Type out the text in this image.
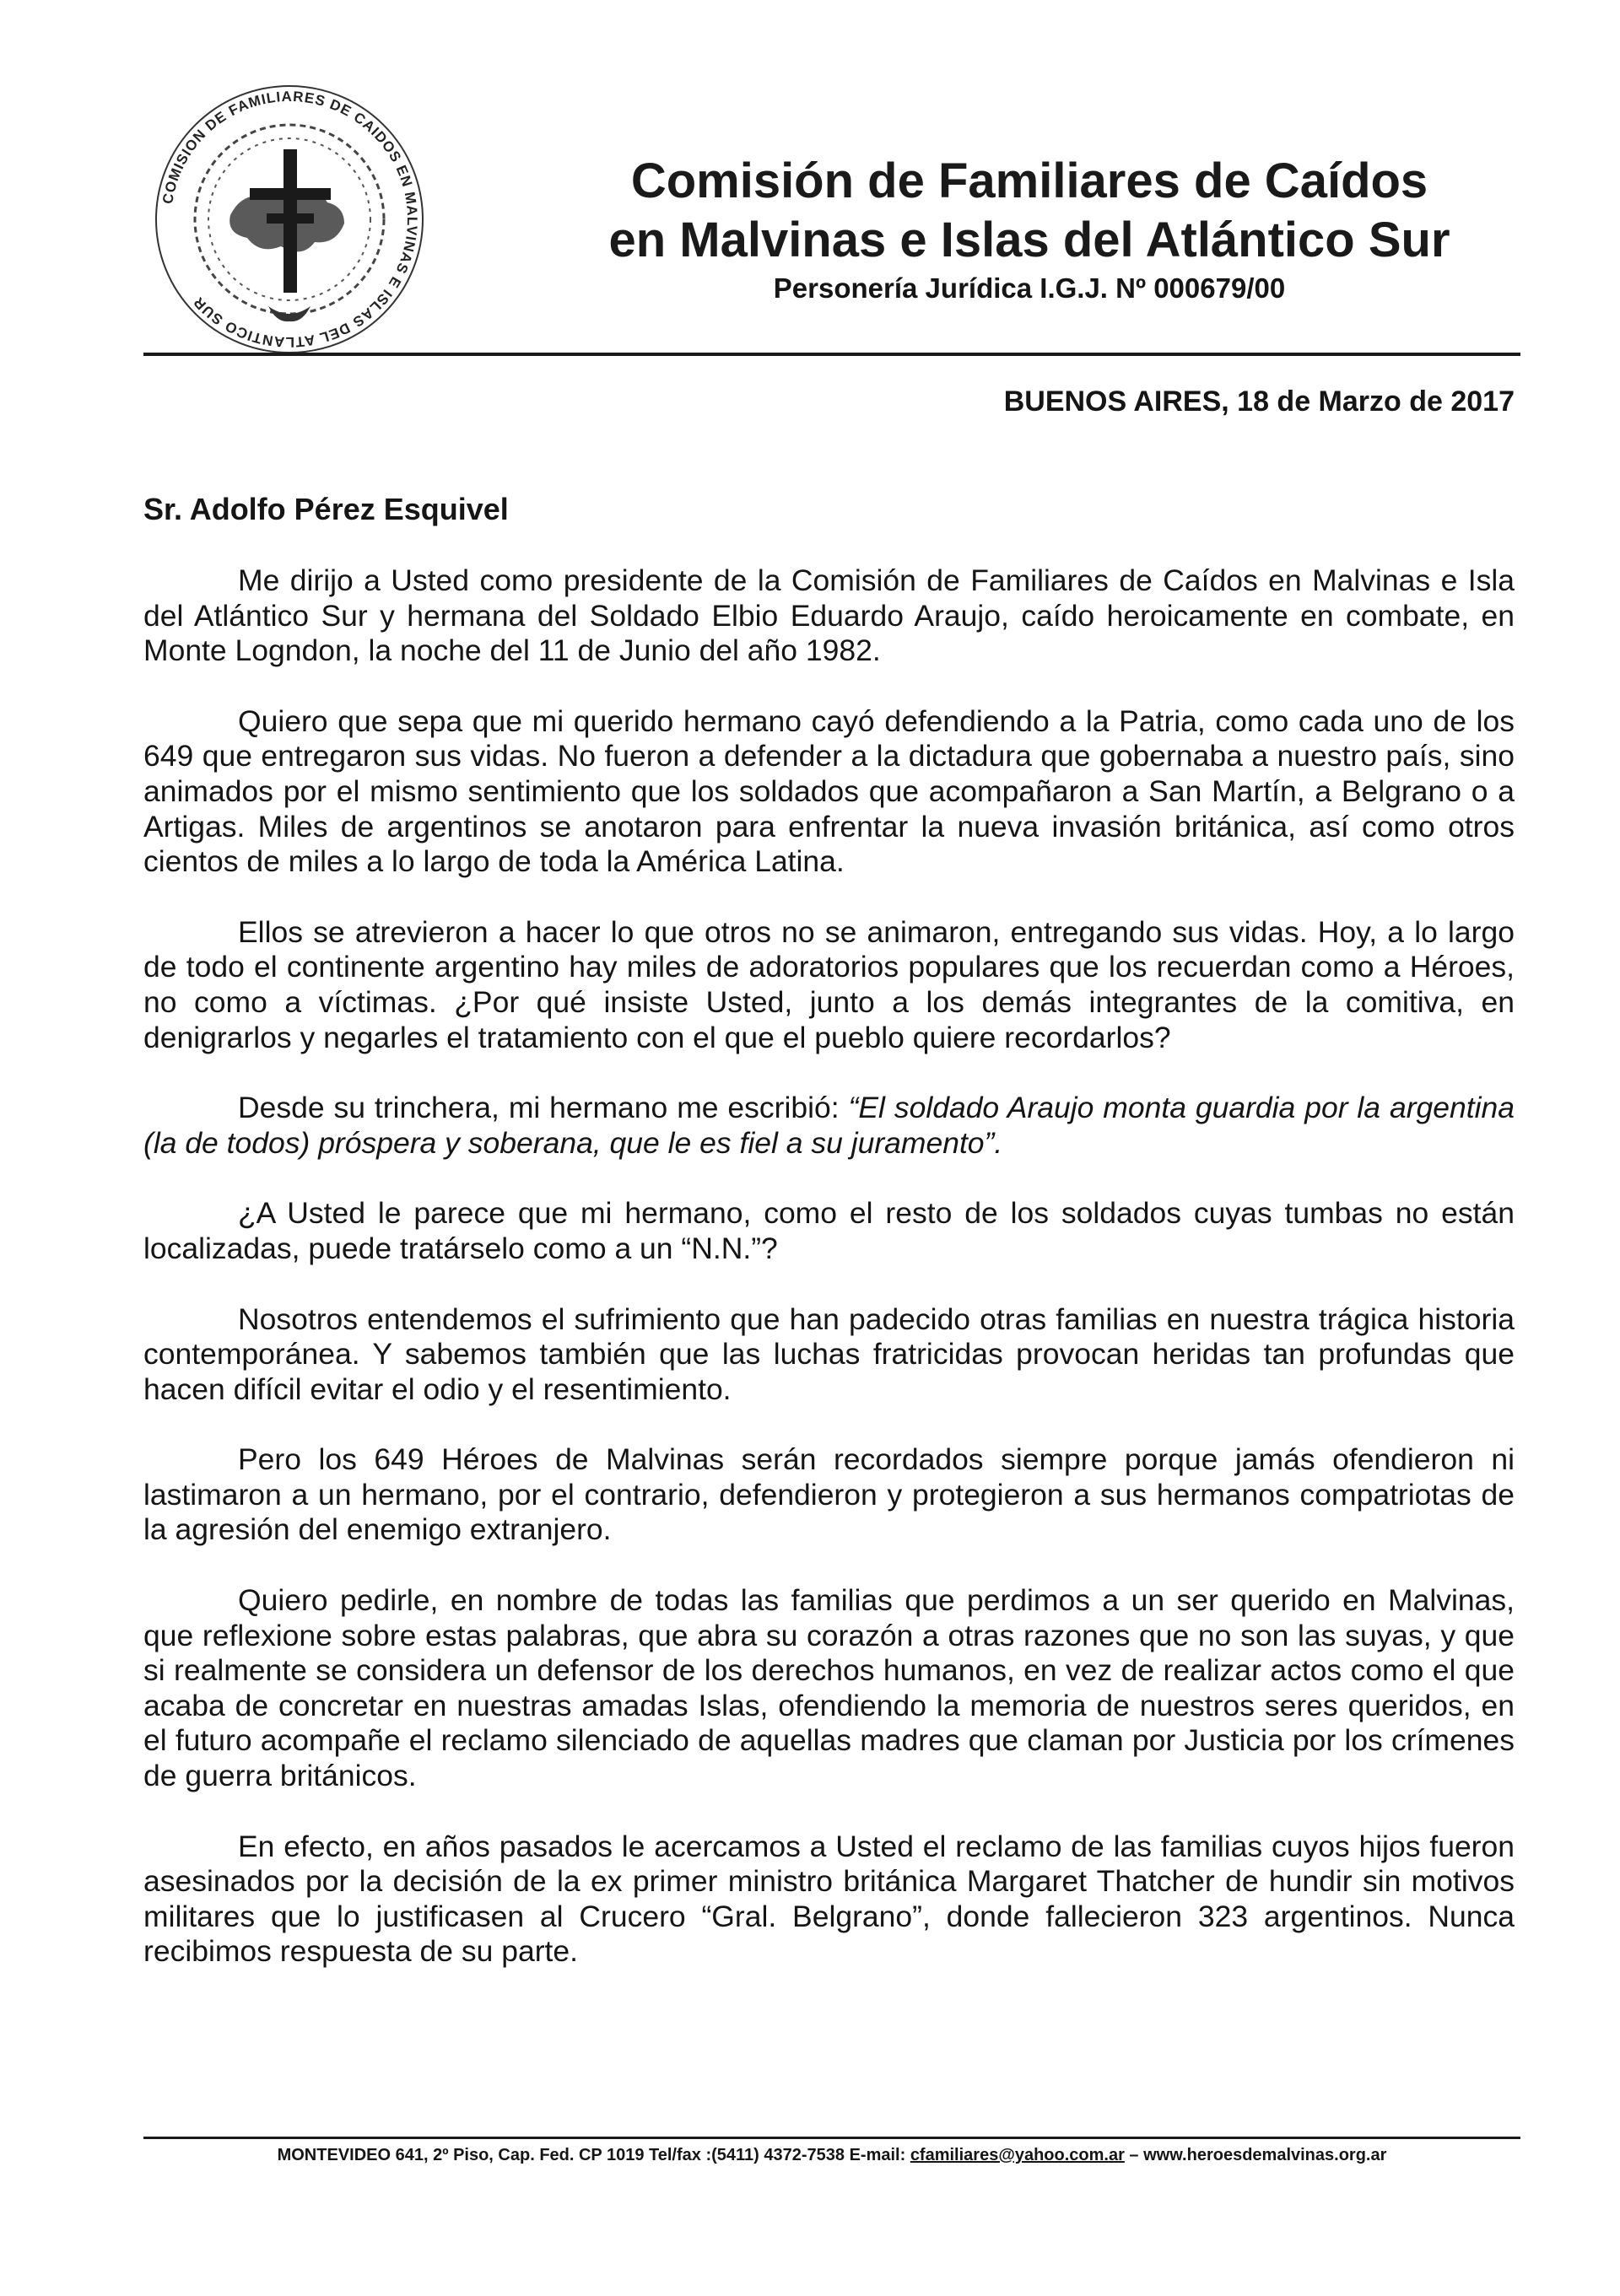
COMISION DE FAMILIARES DE CAIDOS EN MALVINAS E ISLAS DEL ATLANTICO SUR
Comisión de Familiares de Caídos
en Malvinas e Islas del Atlántico Sur
Personería Jurídica I.G.J. Nº 000679/00
BUENOS AIRES, 18 de Marzo de 2017
Sr. Adolfo Pérez Esquivel

Me dirijo a Usted como presidente de la Comisión de Familiares de Caídos en Malvinas e Isla del Atlántico Sur y hermana del Soldado Elbio Eduardo Araujo, caído heroicamente en combate, en Monte Logndon, la noche del 11 de Junio del año 1982.

Quiero que sepa que mi querido hermano cayó defendiendo a la Patria, como cada uno de los 649 que entregaron sus vidas. No fueron a defender a la dictadura que gobernaba a nuestro país, sino animados por el mismo sentimiento que los soldados que acompañaron a San Martín, a Belgrano o a Artigas. Miles de argentinos se anotaron para enfrentar la nueva invasión británica, así como otros cientos de miles a lo largo de toda la América Latina.

Ellos se atrevieron a hacer lo que otros no se animaron, entregando sus vidas. Hoy, a lo largo de todo el continente argentino hay miles de adoratorios populares que los recuerdan como a Héroes, no como a víctimas. ¿Por qué insiste Usted, junto a los demás integrantes de la comitiva, en denigrarlos y negarles el tratamiento con el que el pueblo quiere recordarlos?

Desde su trinchera, mi hermano me escribió: “El soldado Araujo monta guardia por la argentina (la de todos) próspera y soberana, que le es fiel a su juramento”.

¿A Usted le parece que mi hermano, como el resto de los soldados cuyas tumbas no están localizadas, puede tratárselo como a un “N.N.”?

Nosotros entendemos el sufrimiento que han padecido otras familias en nuestra trágica historia contemporánea. Y sabemos también que las luchas fratricidas provocan heridas tan profundas que hacen difícil evitar el odio y el resentimiento.

Pero los 649 Héroes de Malvinas serán recordados siempre porque jamás ofendieron ni lastimaron a un hermano, por el contrario, defendieron y protegieron a sus hermanos compatriotas de la agresión del enemigo extranjero.

Quiero pedirle, en nombre de todas las familias que perdimos a un ser querido en Malvinas, que reflexione sobre estas palabras, que abra su corazón a otras razones que no son las suyas, y que si realmente se considera un defensor de los derechos humanos, en vez de realizar actos como el que acaba de concretar en nuestras amadas Islas, ofendiendo la memoria de nuestros seres queridos, en el futuro acompañe el reclamo silenciado de aquellas madres que claman por Justicia por los crímenes de guerra británicos.

En efecto, en años pasados le acercamos a Usted el reclamo de las familias cuyos hijos fueron asesinados por la decisión de la ex primer ministro británica Margaret Thatcher de hundir sin motivos militares que lo justificasen al Crucero “Gral. Belgrano”, donde fallecieron 323 argentinos. Nunca recibimos respuesta de su parte.

MONTEVIDEO 641, 2º Piso, Cap. Fed. CP 1019 Tel/fax :(5411) 4372-7538 E-mail: cfamiliares@yahoo.com.ar – www.heroesdemalvinas.org.ar
